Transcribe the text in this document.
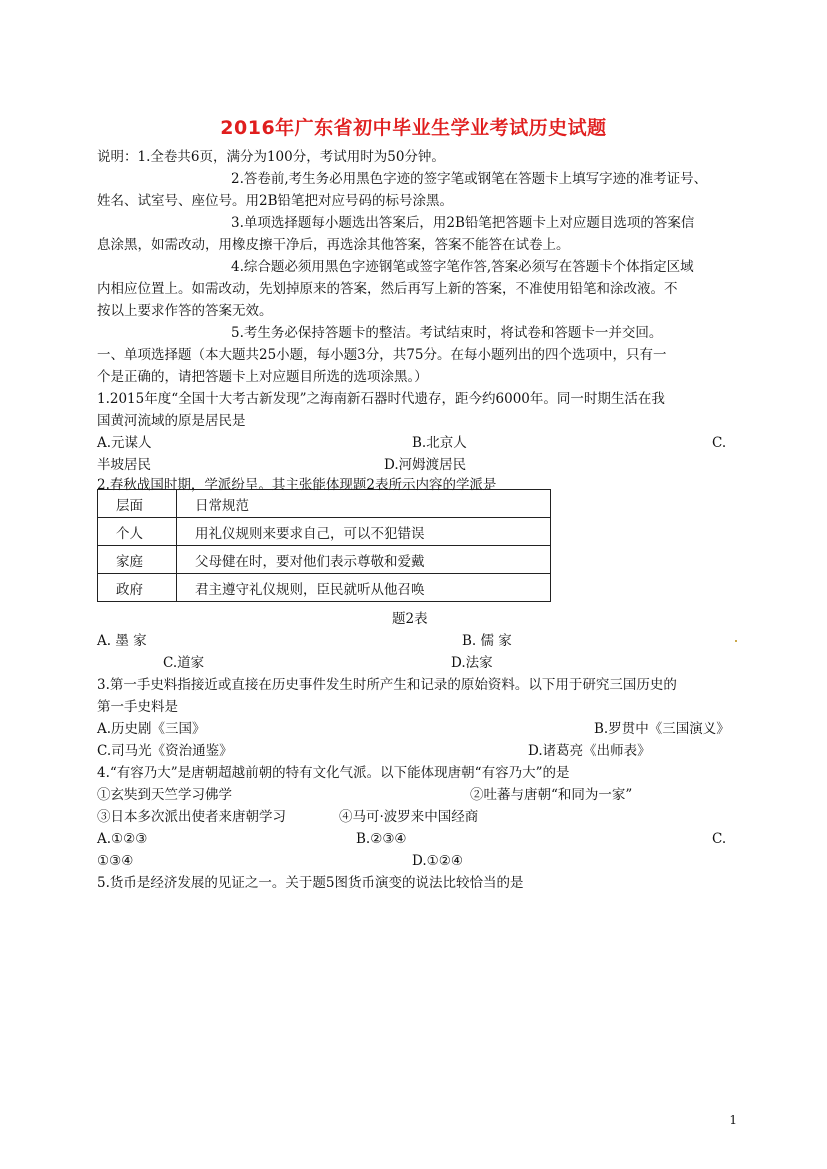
2016年广东省初中毕业生学业考试历史试题
说明：1.全卷共6页，满分为100分，考试用时为50分钟。
2.答卷前,考生务必用黑色字迹的签字笔或钢笔在答题卡上填写字迹的准考证号、
姓名、试室号、座位号。用2B铅笔把对应号码的标号涂黑。
3.单项选择题每小题选出答案后，用2B铅笔把答题卡上对应题目选项的答案信
息涂黑，如需改动，用橡皮擦干净后，再选涂其他答案，答案不能答在试卷上。
4.综合题必须用黑色字迹钢笔或签字笔作答,答案必须写在答题卡个体指定区域
内相应位置上。如需改动，先划掉原来的答案，然后再写上新的答案，不准使用铅笔和涂改液。不
按以上要求作答的答案无效。
5.考生务必保持答题卡的整洁。考试结束时，将试卷和答题卡一并交回。
一、单项选择题（本大题共25小题，每小题3分，共75分。在每小题列出的四个选项中，只有一
个是正确的，请把答题卡上对应题目所选的选项涂黑。）
1.2015年度“全国十大考古新发现”之海南新石器时代遗存，距今约6000年。同一时期生活在我
国黄河流域的原是居民是
A.元谋人	B.北京人	C.
半坡居民	D.河姆渡居民
2.春秋战国时期，学派纷呈。其主张能体现题2表所示内容的学派是
层面	日常规范
个人	用礼仪规则来要求自己，可以不犯错误
家庭	父母健在时，要对他们表示尊敬和爱戴
政府	君主遵守礼仪规则，臣民就听从他召唤
题2表
A. 墨 家	B. 儒 家
C.道家	D.法家
3.第一手史料指接近或直接在历史事件发生时所产生和记录的原始资料。以下用于研究三国历史的
第一手史料是
A.历史剧《三国》	B.罗贯中《三国演义》
C.司马光《资治通鉴》	D.诸葛亮《出师表》
4.“有容乃大”是唐朝超越前朝的特有文化气派。以下能体现唐朝“有容乃大”的是
①玄奘到天竺学习佛学	②吐蕃与唐朝“和同为一家”
③日本多次派出使者来唐朝学习	④马可·波罗来中国经商
A.①②③	B.②③④	C.
①③④	D.①②④
5.货币是经济发展的见证之一。关于题5图货币演变的说法比较恰当的是
1
